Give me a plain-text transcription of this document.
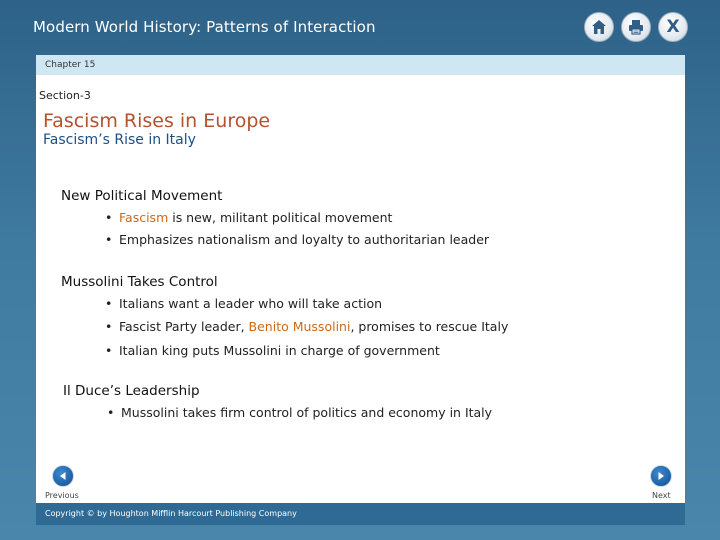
Modern World History: Patterns of Interaction	X
Chapter 15
Section-3
Fascism Rises in Europe
Fascism’s Rise in Italy
New Political Movement
• Fascism is new, militant political movement
• Emphasizes nationalism and loyalty to authoritarian leader
Mussolini Takes Control
• Italians want a leader who will take action
• Fascist Party leader, Benito Mussolini, promises to rescue Italy
• Italian king puts Mussolini in charge of government
Il Duce’s Leadership
• Mussolini takes firm control of politics and economy in Italy
Previous	Next
Copyright © by Houghton Mifflin Harcourt Publishing Company
